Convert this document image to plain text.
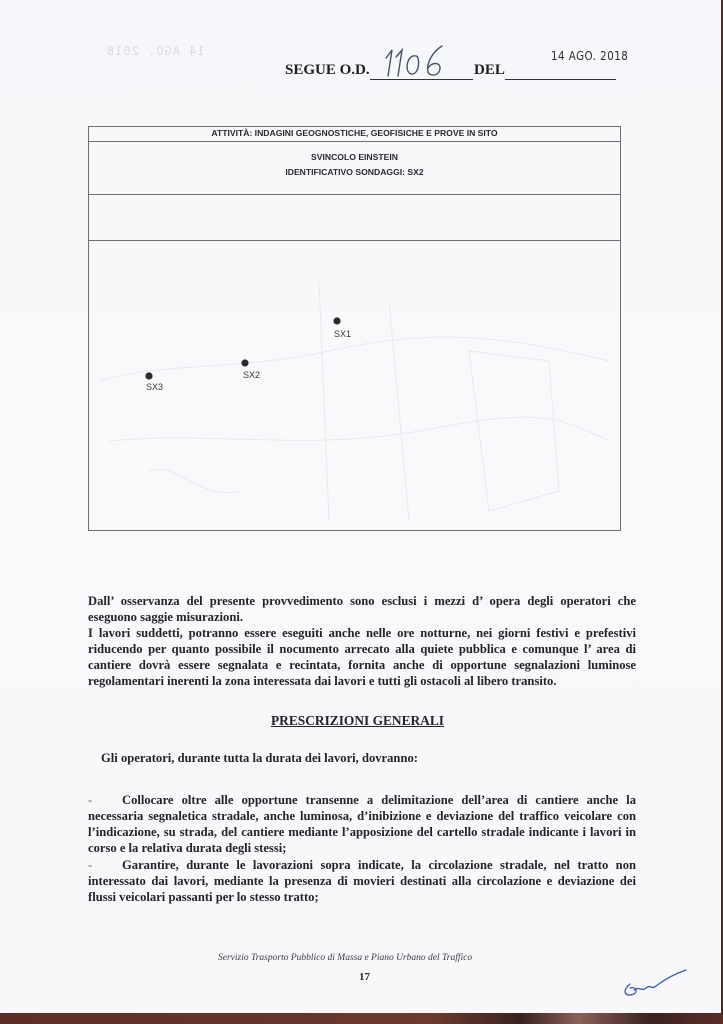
14 AGO. 2018
SEGUE O.D.	DEL
14 AGO. 2018
ATTIVITÀ: INDAGINI GEOGNOSTICHE, GEOFISICHE E PROVE IN SITO
SVINCOLO EINSTEIN
IDENTIFICATIVO SONDAGGI: SX2
SX1
SX2
SX3
Dall’ osservanza del presente provvedimento sono esclusi i mezzi d’ opera degli operatori che eseguono saggie misurazioni.
I lavori suddetti, potranno essere eseguiti anche nelle ore notturne, nei giorni festivi e prefestivi riducendo per quanto possibile il nocumento arrecato alla quiete pubblica e comunque l’ area di cantiere dovrà essere segnalata e recintata, fornita anche di opportune segnalazioni luminose regolamentari inerenti la zona interessata dai lavori e tutti gli ostacoli al libero transito.
PRESCRIZIONI GENERALI
Gli operatori, durante tutta la durata dei lavori, dovranno:
-	Collocare oltre alle opportune transenne a delimitazione dell’area di cantiere anche la necessaria segnaletica stradale, anche luminosa, d’inibizione e deviazione del traffico veicolare con l’indicazione, su strada, del cantiere mediante l’apposizione del cartello stradale indicante i lavori in corso e la relativa durata degli stessi;
-	Garantire, durante le lavorazioni sopra indicate, la circolazione stradale, nel tratto non interessato dai lavori, mediante la presenza di movieri destinati alla circolazione e deviazione dei flussi veicolari passanti per lo stesso tratto;
Servizio Trasporto Pubblico di Massa e Piano Urbano del Traffico
17
